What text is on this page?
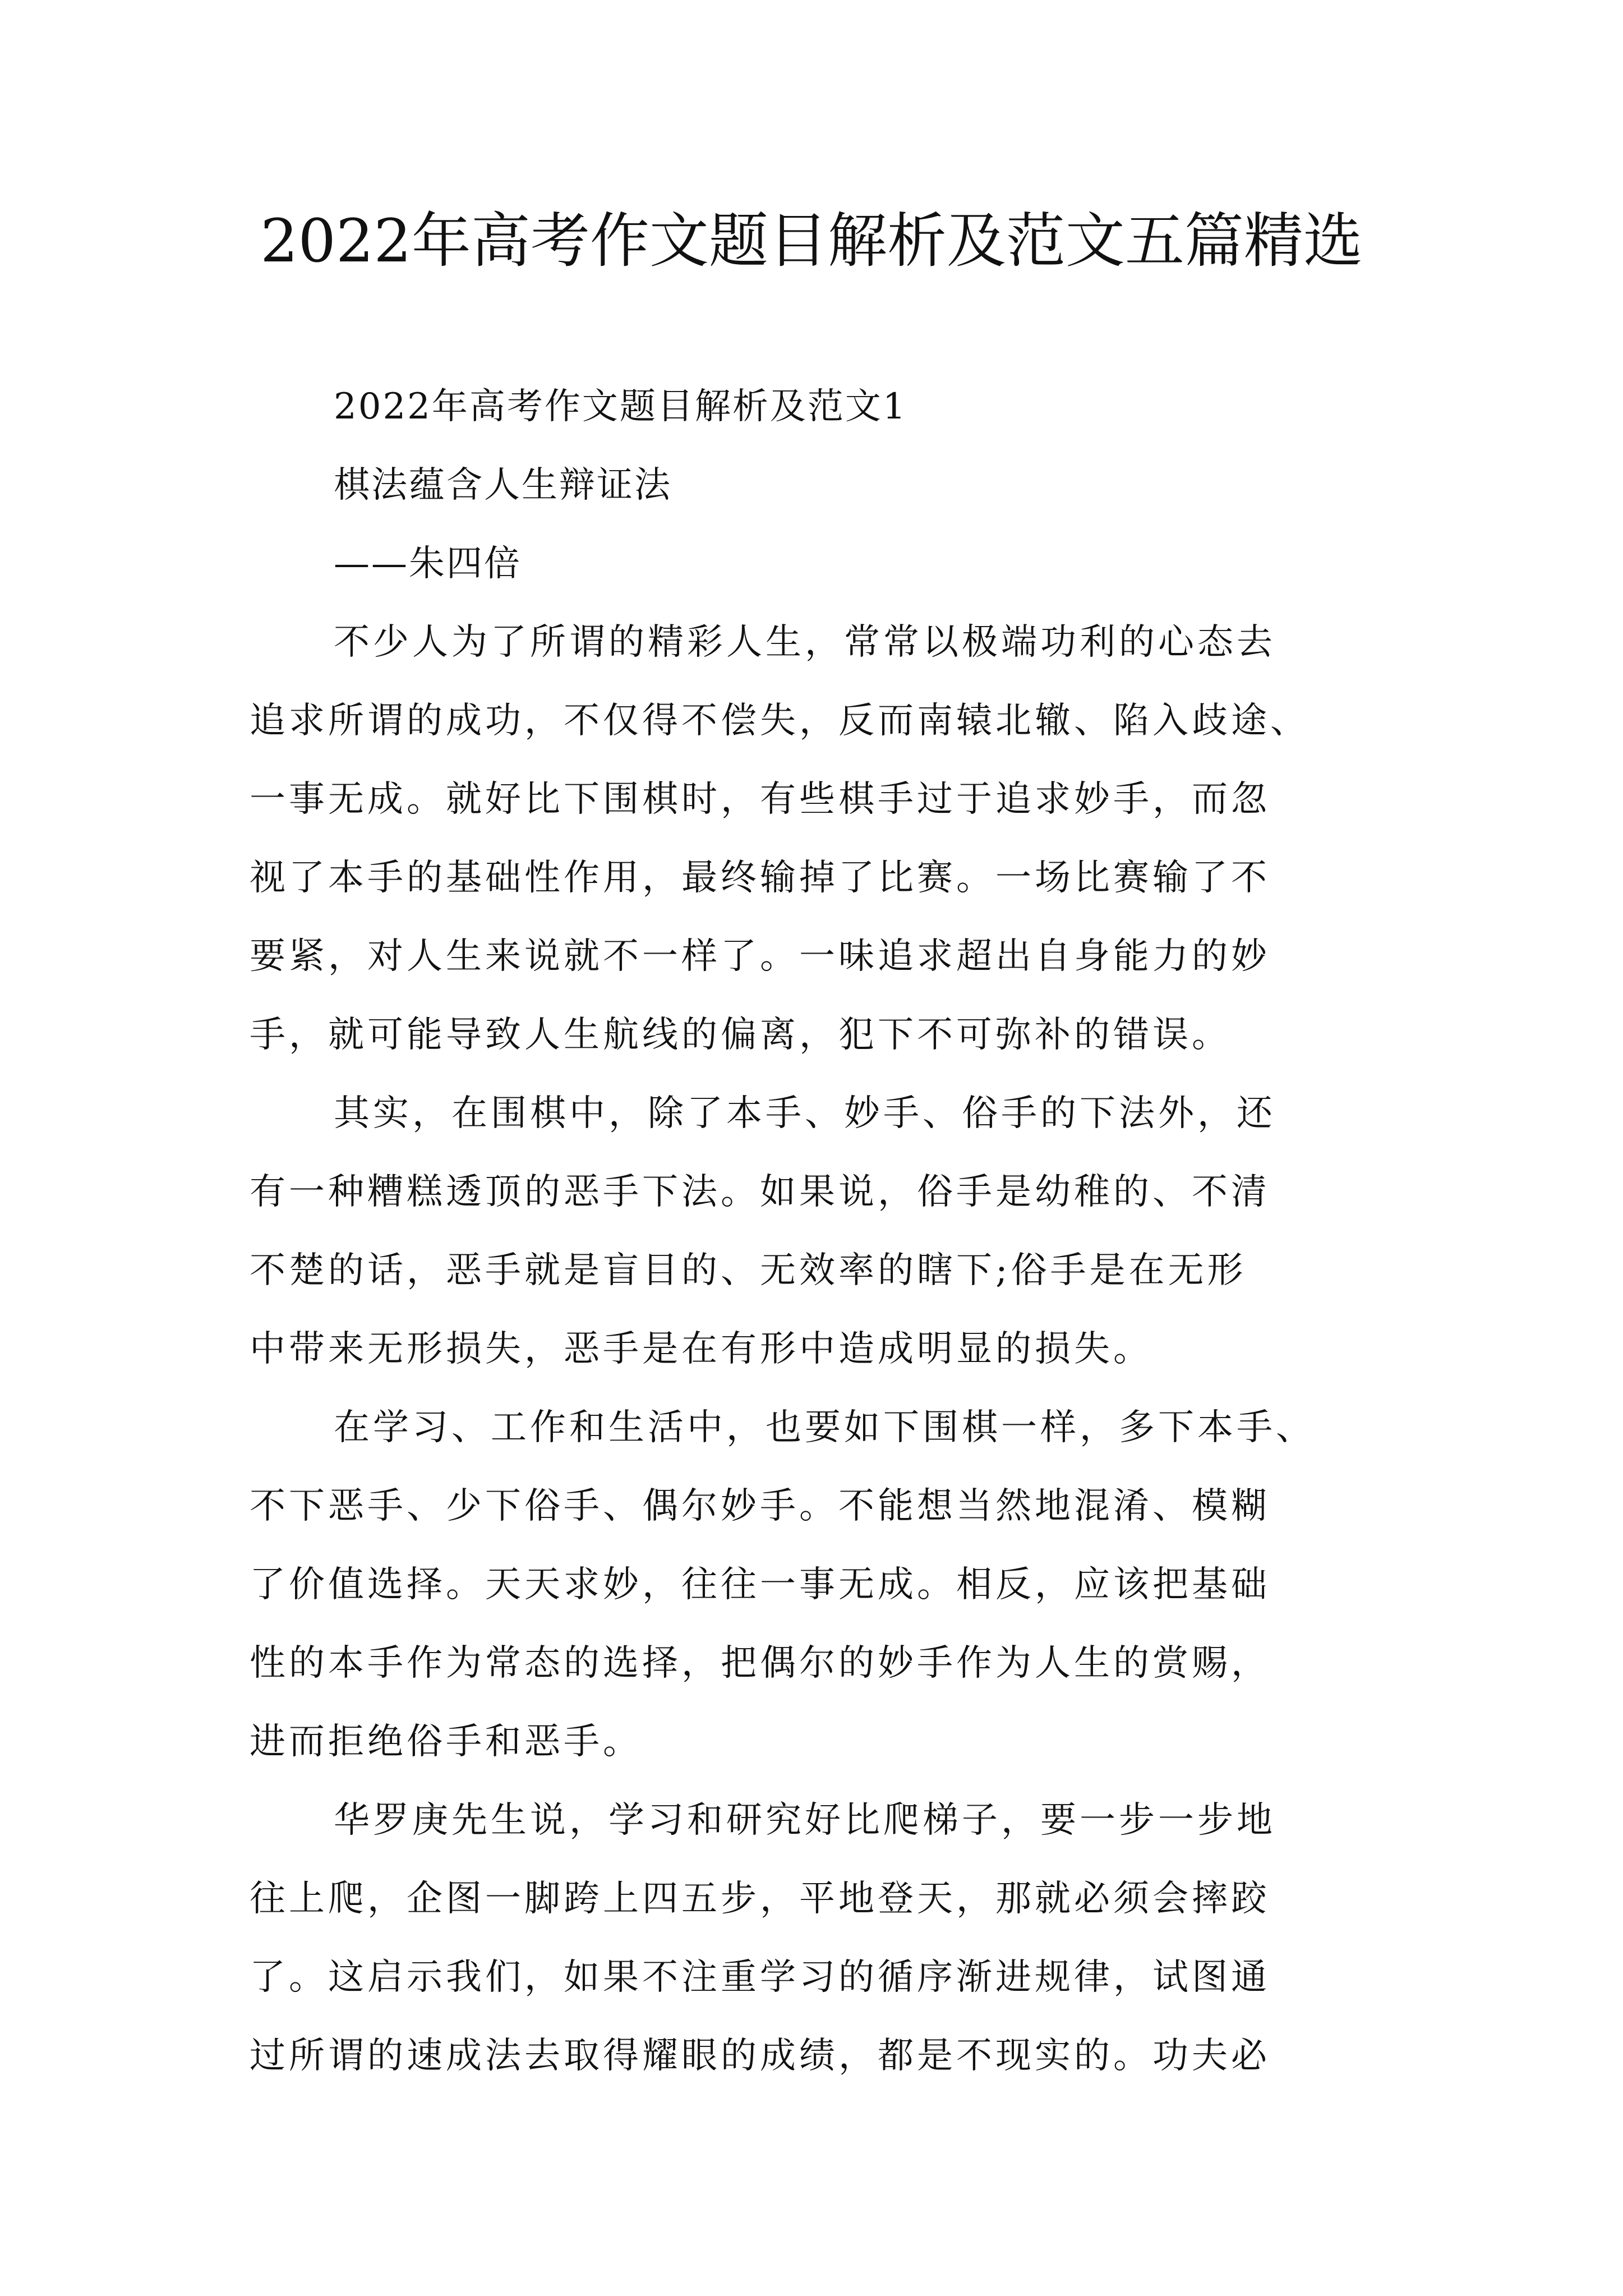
2022年高考作文题目解析及范文五篇精选

2022年高考作文题目解析及范文1

棋法蕴含人生辩证法

——朱四倍

不少人为了所谓的精彩人生，常常以极端功利的心态去

追求所谓的成功，不仅得不偿失，反而南辕北辙、陷入歧途、

一事无成。就好比下围棋时，有些棋手过于追求妙手，而忽

视了本手的基础性作用，最终输掉了比赛。一场比赛输了不

要紧，对人生来说就不一样了。一味追求超出自身能力的妙

手，就可能导致人生航线的偏离，犯下不可弥补的错误。

其实，在围棋中，除了本手、妙手、俗手的下法外，还

有一种糟糕透顶的恶手下法。如果说，俗手是幼稚的、不清

不楚的话，恶手就是盲目的、无效率的瞎下;俗手是在无形

中带来无形损失，恶手是在有形中造成明显的损失。

在学习、工作和生活中，也要如下围棋一样，多下本手、

不下恶手、少下俗手、偶尔妙手。不能想当然地混淆、模糊

了价值选择。天天求妙，往往一事无成。相反，应该把基础

性的本手作为常态的选择，把偶尔的妙手作为人生的赏赐，

进而拒绝俗手和恶手。

华罗庚先生说，学习和研究好比爬梯子，要一步一步地

往上爬，企图一脚跨上四五步，平地登天，那就必须会摔跤

了。这启示我们，如果不注重学习的循序渐进规律，试图通

过所谓的速成法去取得耀眼的成绩，都是不现实的。功夫必
